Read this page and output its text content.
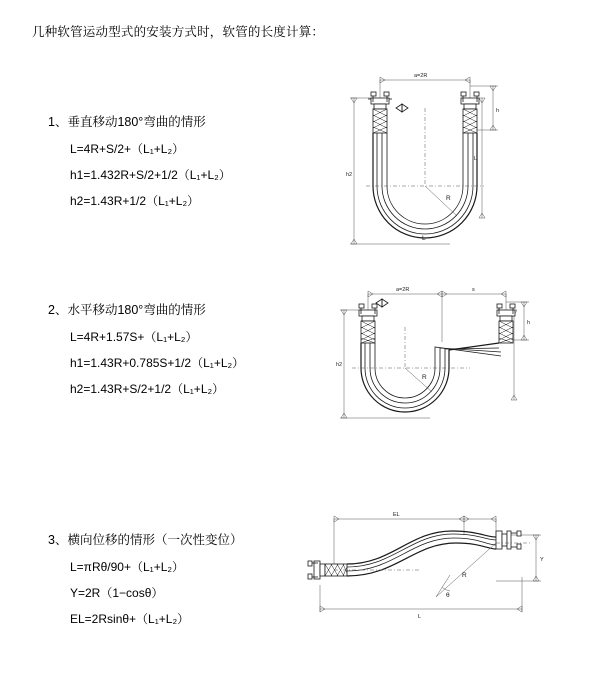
几种软管运动型式的安装方式时，软管的长度计算：
1、垂直移动180°弯曲的情形
L=4R+S/2+（L₁+L₂）
h1=1.432R+S/2+1/2（L₁+L₂）
h2=1.43R+1/2（L₁+L₂）
2、水平移动180°弯曲的情形
L=4R+1.57S+（L₁+L₂）
h1=1.43R+0.785S+1/2（L₁+L₂）
h2=1.43R+S/2+1/2（L₁+L₂）
3、横向位移的情形（一次性变位）
L=πRθ/90+（L₁+L₂）
Y=2R（1−cosθ）
EL=2Rsinθ+（L₁+L₂）
a=2R
h
h2
L
R
L
a=2R	s
h2
h
R
EL
Y
L
θ
R
